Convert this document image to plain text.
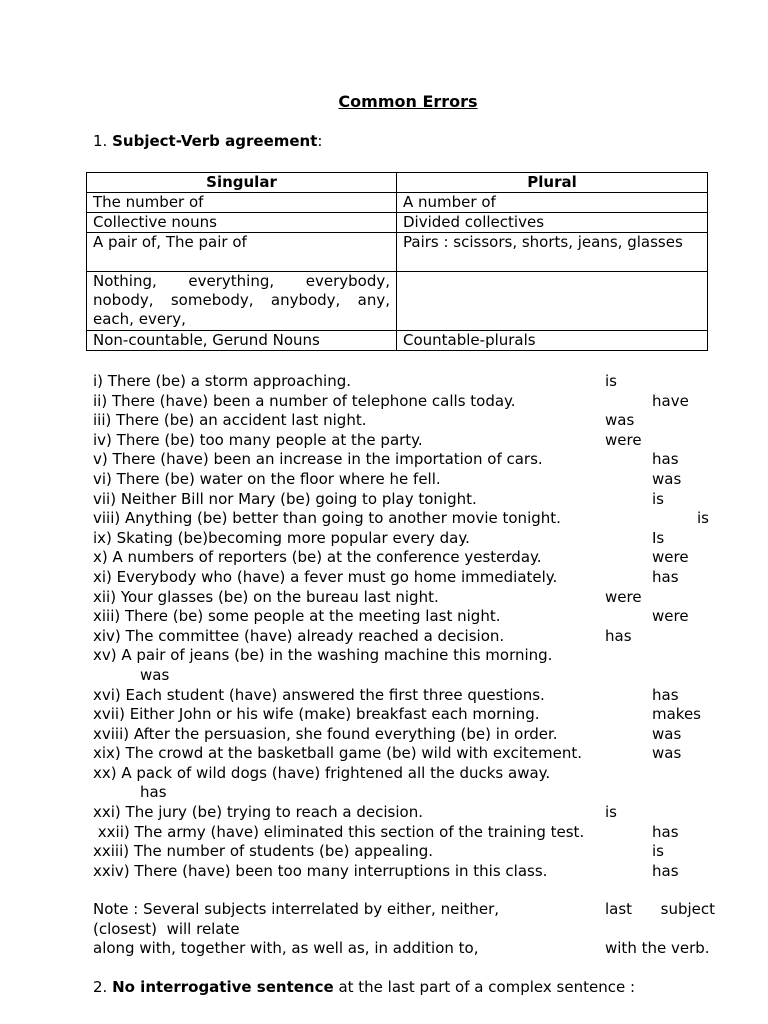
Common Errors
1. Subject-Verb agreement:
Singular	Plural
The number of	A number of
Collective nouns	Divided collectives
A pair of, The pair of	Pairs : scissors, shorts, jeans, glasses
Nothing, everything, everybody, nobody, somebody, anybody, any, each, every,	
Non-countable, Gerund Nouns	Countable-plurals
i) There (be) a storm approaching.	is
ii) There (have) been a number of telephone calls today.	have
iii) There (be) an accident last night.	was
iv) There (be) too many people at the party.	were
v) There (have) been an increase in the importation of cars.	has
vi) There (be) water on the floor where he fell.	was
vii) Neither Bill nor Mary (be) going to play tonight.	is
viii) Anything (be) better than going to another movie tonight.	is
ix) Skating (be)becoming more popular every day.	Is
x) A numbers of reporters (be) at the conference yesterday.	were
xi) Everybody who (have) a fever must go home immediately.	has
xii) Your glasses (be) on the bureau last night.	were
xiii) There (be) some people at the meeting last night.	were
xiv) The committee (have) already reached a decision.	has
xv) A pair of jeans (be) in the washing machine this morning.
was
xvi) Each student (have) answered the first three questions.	has
xvii) Either John or his wife (make) breakfast each morning.	makes
xviii) After the persuasion, she found everything (be) in order.	was
xix) The crowd at the basketball game (be) wild with excitement.	was
xx) A pack of wild dogs (have) frightened all the ducks away.
has
xxi) The jury (be) trying to reach a decision.	is
xxii) The army (have) eliminated this section of the training test.	has
xxiii) The number of students (be) appealing.	is
xxiv) There (have) been too many interruptions in this class.	has
Note : Several subjects interrelated by either, neither,	last      subject
(closest)  will relate
along with, together with, as well as, in addition to,	with the verb.
2. No interrogative sentence at the last part of a complex sentence :
